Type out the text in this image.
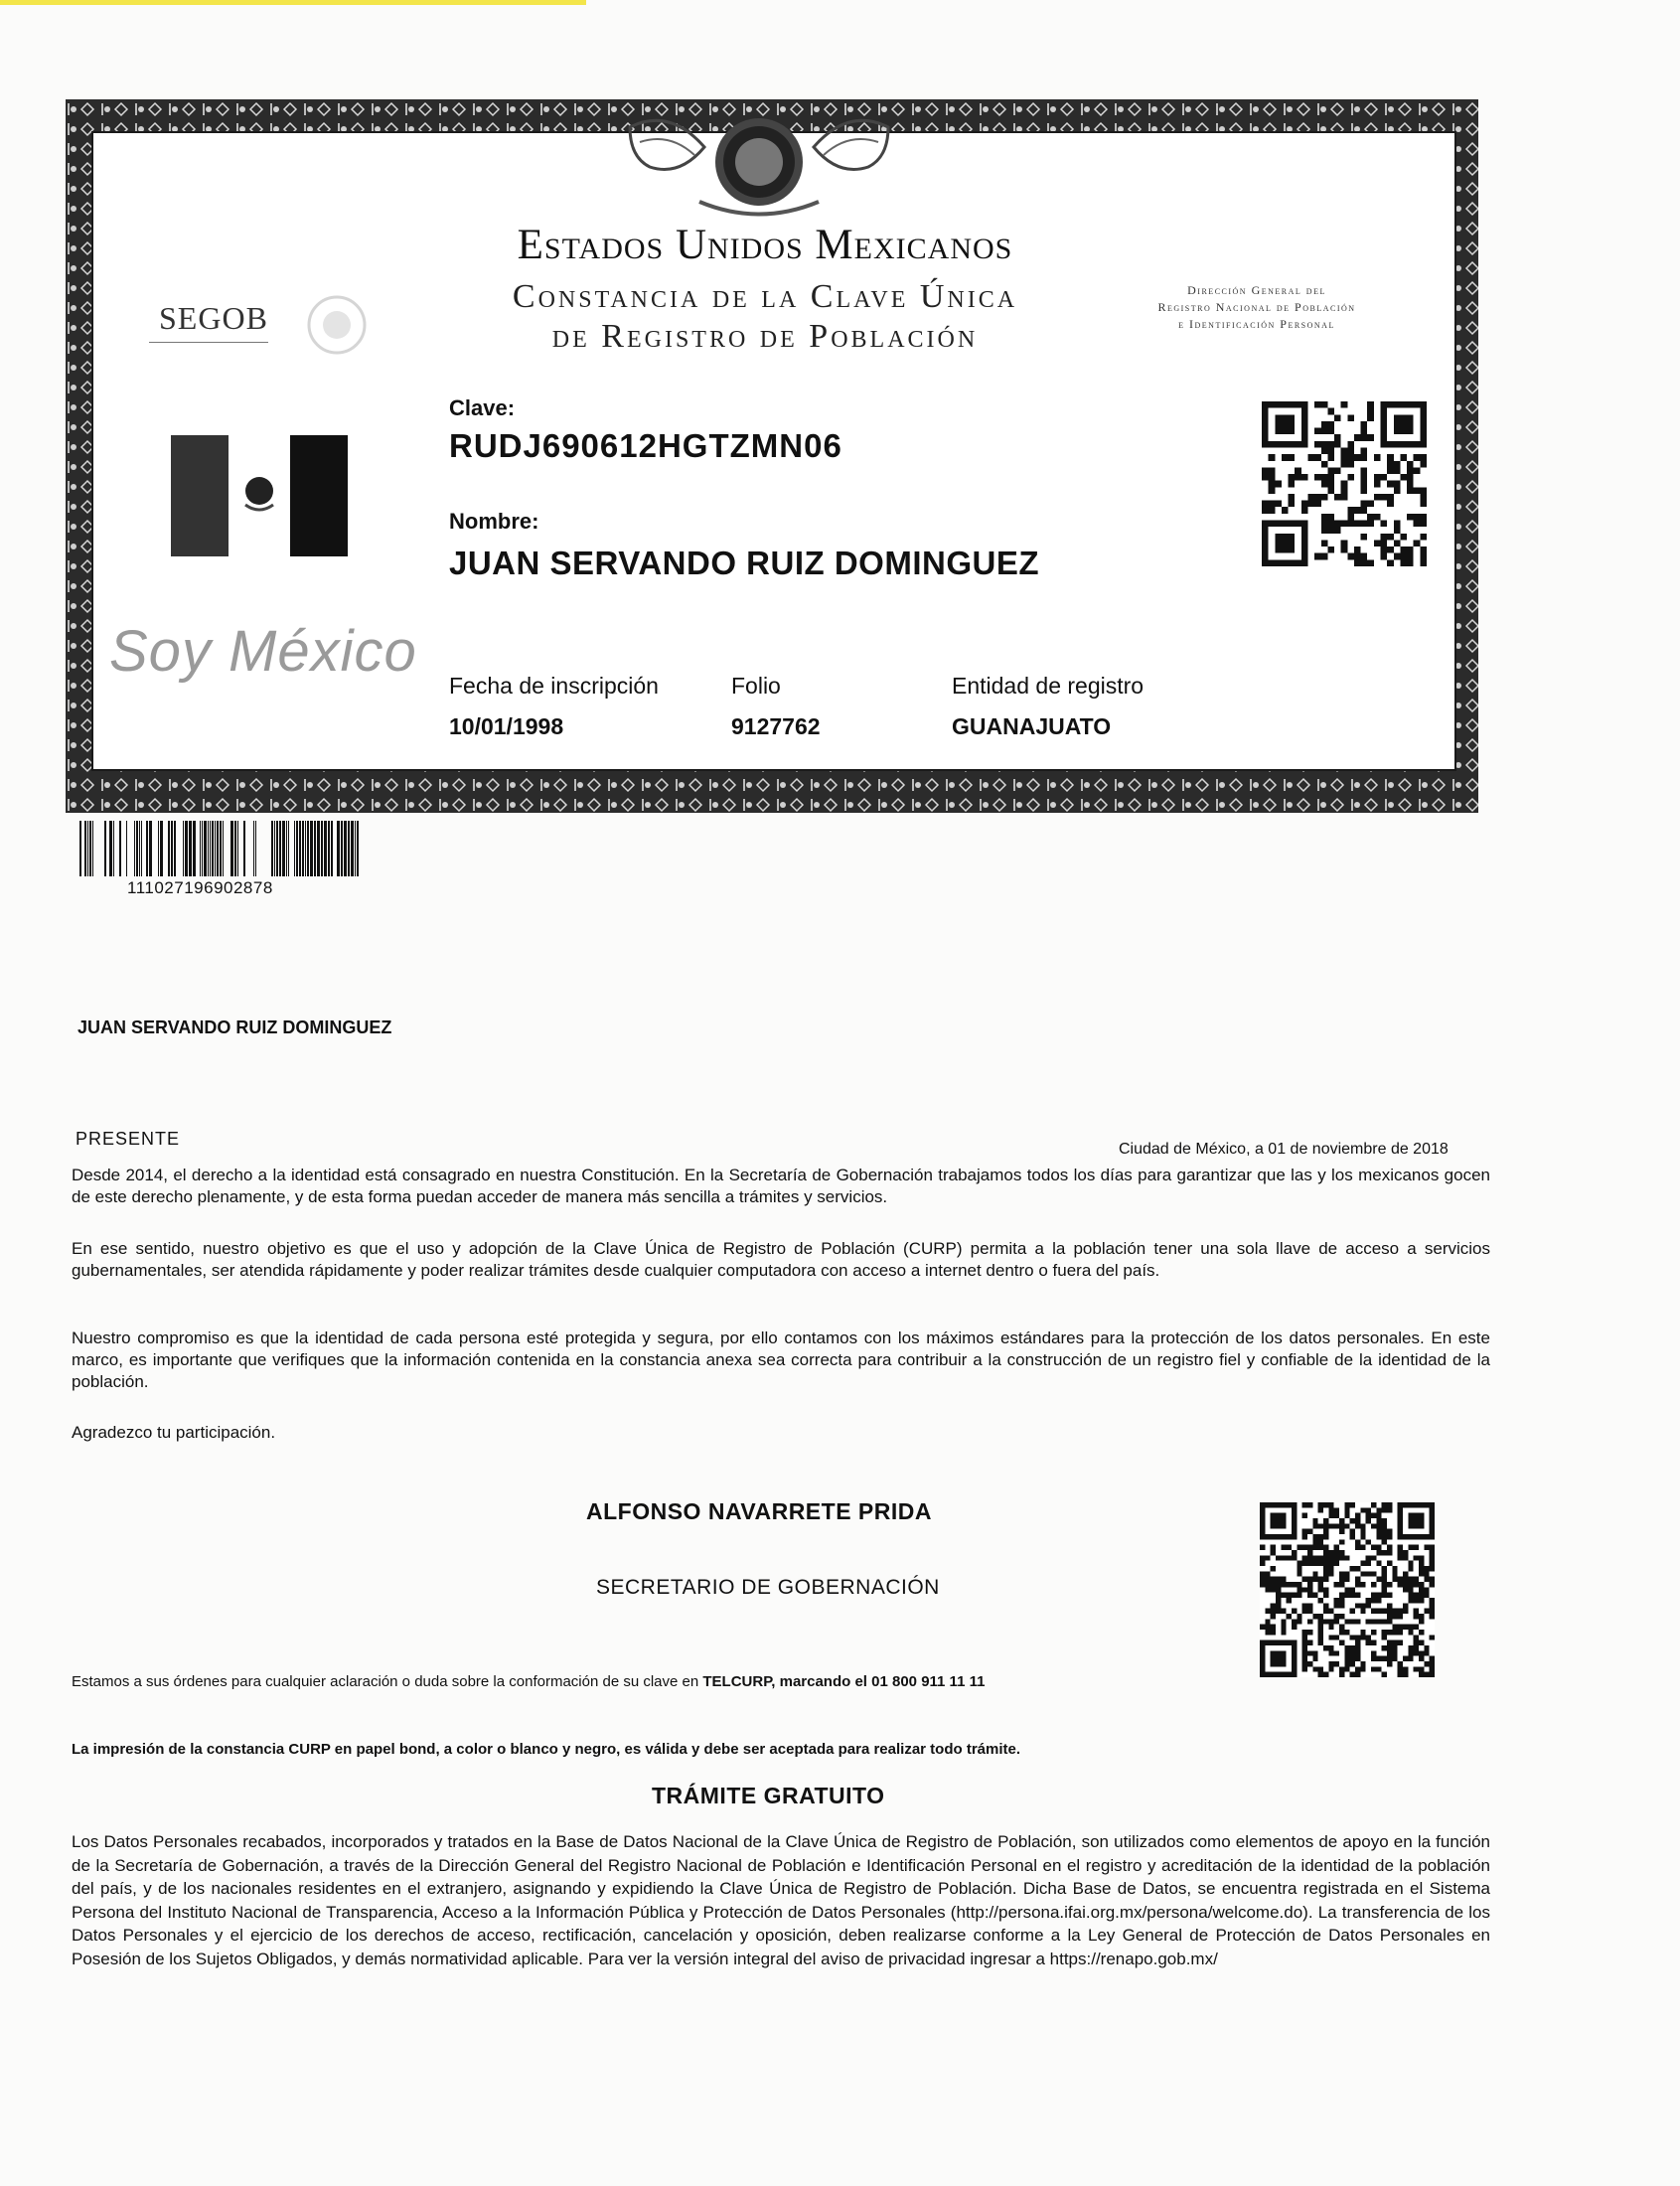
Estados Unidos Mexicanos
Constancia de la Clave Única
de Registro de Población
SEGOB
Dirección General del
Registro Nacional de Población
e Identificación Personal
Clave:
RUDJ690612HGTZMN06
Nombre:
JUAN SERVANDO RUIZ DOMINGUEZ
Soy México
Fecha de inscripción
10/01/1998
Folio
9127762
Entidad de registro
GUANAJUATO
111027196902878
JUAN SERVANDO RUIZ DOMINGUEZ
PRESENTE
Ciudad de México, a 01 de noviembre de 2018
Desde 2014, el derecho a la identidad está consagrado en nuestra Constitución. En la Secretaría de Gobernación trabajamos todos los días para garantizar que las y los mexicanos gocen de este derecho plenamente, y de esta forma puedan acceder de manera más sencilla a trámites y servicios.
En ese sentido, nuestro objetivo es que el uso y adopción de la Clave Única de Registro de Población (CURP) permita a la población tener una sola llave de acceso a servicios gubernamentales, ser atendida rápidamente y poder realizar trámites desde cualquier computadora con acceso a internet dentro o fuera del país.
Nuestro compromiso es que la identidad de cada persona esté protegida y segura, por ello contamos con los máximos estándares para la protección de los datos personales. En este marco, es importante que verifiques que la información contenida en la constancia anexa sea correcta para contribuir a la construcción de un registro fiel y confiable de la identidad de la población.
Agradezco tu participación.
ALFONSO NAVARRETE PRIDA
SECRETARIO DE GOBERNACIÓN
Estamos a sus órdenes para cualquier aclaración o duda sobre la conformación de su clave en TELCURP, marcando el 01 800 911 11 11
La impresión de la constancia CURP en papel bond, a color o blanco y negro, es válida y debe ser aceptada para realizar todo trámite.
TRÁMITE GRATUITO
Los Datos Personales recabados, incorporados y tratados en la Base de Datos Nacional de la Clave Única de Registro de Población, son utilizados como elementos de apoyo en la función de la Secretaría de Gobernación, a través de la Dirección General del Registro Nacional de Población e Identificación Personal en el registro y acreditación de la identidad de la población del país, y de los nacionales residentes en el extranjero, asignando y expidiendo la Clave Única de Registro de Población. Dicha Base de Datos, se encuentra registrada en el Sistema Persona del Instituto Nacional de Transparencia, Acceso a la Información Pública y Protección de Datos Personales (http://persona.ifai.org.mx/persona/welcome.do). La transferencia de los Datos Personales y el ejercicio de los derechos de acceso, rectificación, cancelación y oposición, deben realizarse conforme a la Ley General de Protección de Datos Personales en Posesión de los Sujetos Obligados, y demás normatividad aplicable. Para ver la versión integral del aviso de privacidad ingresar a https://renapo.gob.mx/
